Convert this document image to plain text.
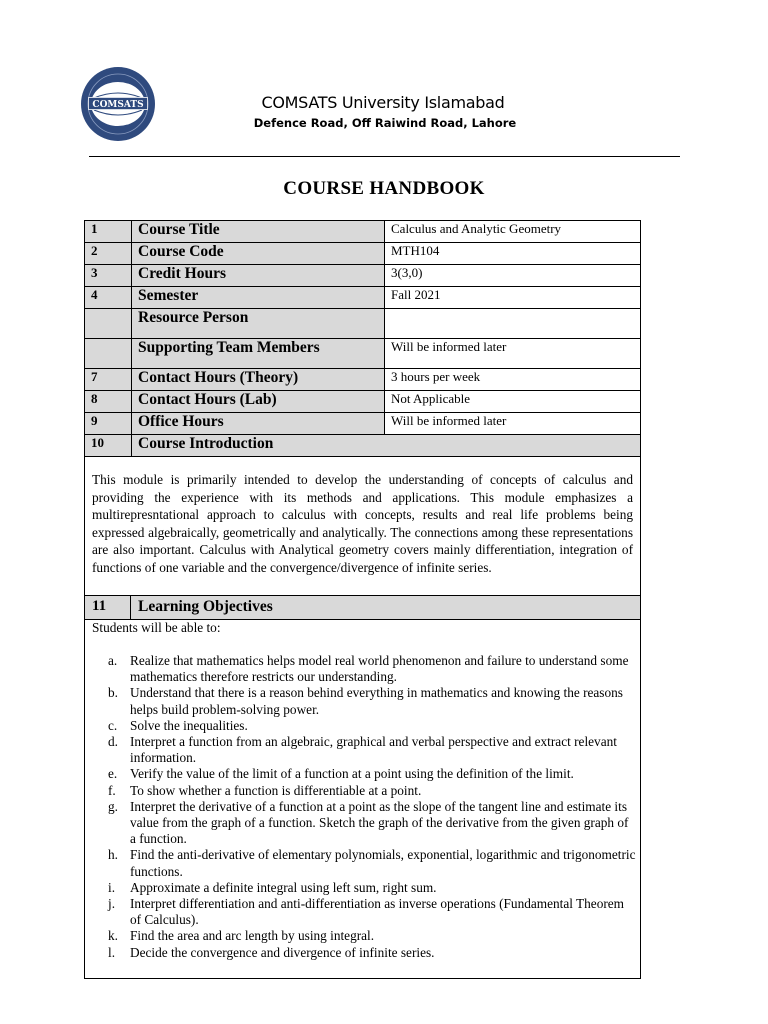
COMSATS	COMSATS University Islamabad
Defence Road, Off Raiwind Road, Lahore
COURSE HANDBOOK
1	Course Title	Calculus and Analytic Geometry
2	Course Code	MTH104
3	Credit Hours	3(3,0)
4	Semester	Fall 2021
	Resource Person	
	Supporting Team Members	Will be informed later
7	Contact Hours (Theory)	3 hours per week
8	Contact Hours (Lab)	Not Applicable
9	Office Hours	Will be informed later
10	Course Introduction	
This module is primarily intended to develop the understanding of concepts of calculus and providing the experience with its methods and applications. This module emphasizes a multirepresntational approach to calculus with concepts, results and real life problems being expressed algebraically, geometrically and analytically. The connections among these representations are also important. Calculus with Analytical geometry covers mainly differentiation, integration of functions of one variable and the convergence/divergence of infinite series.
11	Learning Objectives
Students will be able to:
a. Realize that mathematics helps model real world phenomenon and failure to understand some mathematics therefore restricts our understanding.
b. Understand that there is a reason behind everything in mathematics and knowing the reasons helps build problem-solving power.
c. Solve the inequalities.
d. Interpret a function from an algebraic, graphical and verbal perspective and extract relevant information.
e. Verify the value of the limit of a function at a point using the definition of the limit.
f. To show whether a function is differentiable at a point.
g. Interpret the derivative of a function at a point as the slope of the tangent line and estimate its value from the graph of a function. Sketch the graph of the derivative from the given graph of a function.
h. Find the anti-derivative of elementary polynomials, exponential, logarithmic and trigonometric functions.
i. Approximate a definite integral using left sum, right sum.
j. Interpret differentiation and anti-differentiation as inverse operations (Fundamental Theorem of Calculus).
k. Find the area and arc length by using integral.
l. Decide the convergence and divergence of infinite series.
